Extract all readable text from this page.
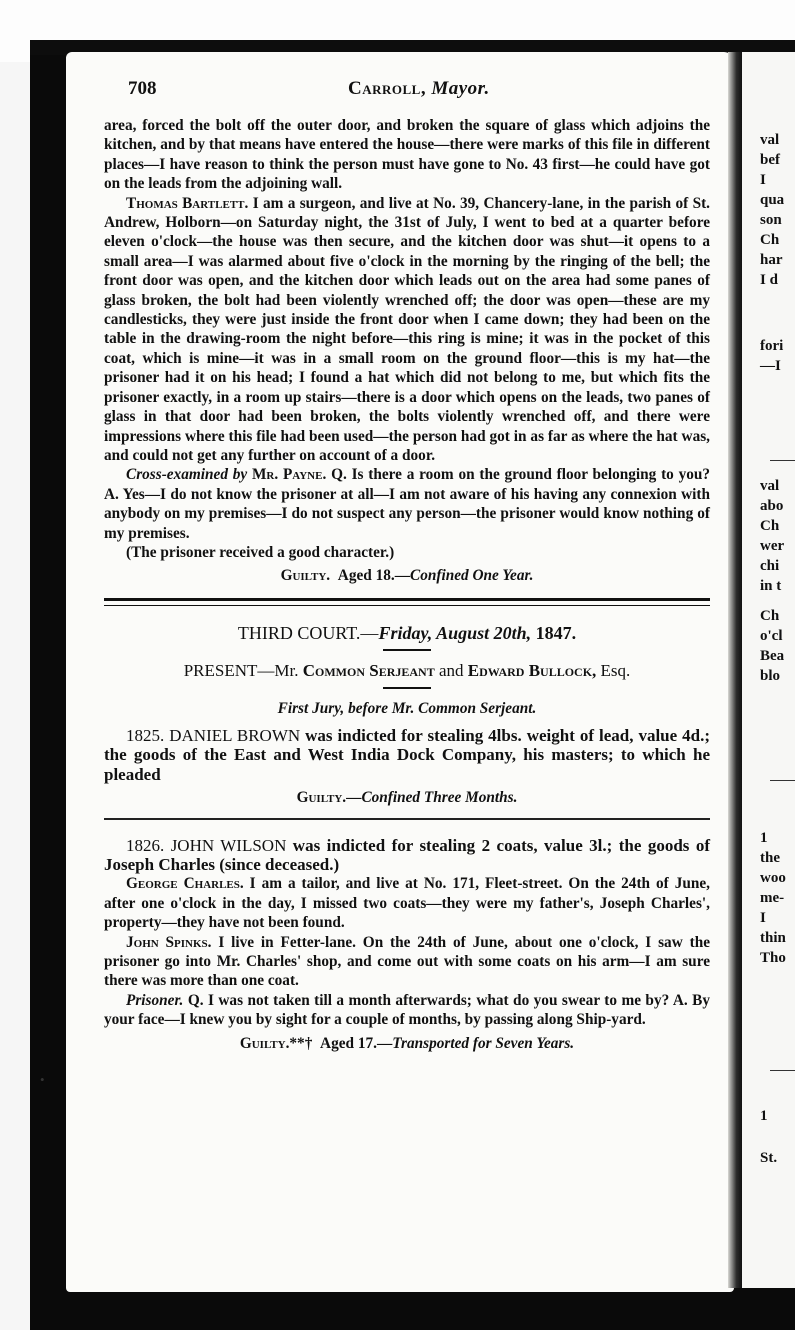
val
bef
I
qua
son
Ch
har
I d
fori
—I
val
abo
Ch
wer
chi
in t
Ch
o'cl
Bea
blo
1
the
woo
me-
I
thin
Tho
1
St.
708	Carroll, Mayor.

area, forced the bolt off the outer door, and broken the square of glass which adjoins the kitchen, and by that means have entered the house—there were marks of this file in different places—I have reason to think the person must have gone to No. 43 first—he could have got on the leads from the adjoining wall.

Thomas Bartlett. I am a surgeon, and live at No. 39, Chancery-lane, in the parish of St. Andrew, Holborn—on Saturday night, the 31st of July, I went to bed at a quarter before eleven o'clock—the house was then secure, and the kitchen door was shut—it opens to a small area—I was alarmed about five o'clock in the morning by the ringing of the bell; the front door was open, and the kitchen door which leads out on the area had some panes of glass broken, the bolt had been violently wrenched off; the door was open—these are my candlesticks, they were just inside the front door when I came down; they had been on the table in the drawing-room the night before—this ring is mine; it was in the pocket of this coat, which is mine—it was in a small room on the ground floor—this is my hat—the prisoner had it on his head; I found a hat which did not belong to me, but which fits the prisoner exactly, in a room up stairs—there is a door which opens on the leads, two panes of glass in that door had been broken, the bolts violently wrenched off, and there were impressions where this file had been used—the person had got in as far as where the hat was, and could not get any further on account of a door.

Cross-examined by Mr. Payne. Q. Is there a room on the ground floor belonging to you? A. Yes—I do not know the prisoner at all—I am not aware of his having any connexion with anybody on my premises—I do not suspect any person—the prisoner would know nothing of my premises.

(The prisoner received a good character.)

Guilty. Aged 18.—Confined One Year.

THIRD COURT.—Friday, August 20th, 1847.

PRESENT—Mr. Common Serjeant and Edward Bullock, Esq.

First Jury, before Mr. Common Serjeant.

1825. DANIEL BROWN was indicted for stealing 4lbs. weight of lead, value 4d.; the goods of the East and West India Dock Company, his masters; to which he pleaded

Guilty.—Confined Three Months.

1826. JOHN WILSON was indicted for stealing 2 coats, value 3l.; the goods of Joseph Charles (since deceased.)

George Charles. I am a tailor, and live at No. 171, Fleet-street. On the 24th of June, after one o'clock in the day, I missed two coats—they were my father's, Joseph Charles', property—they have not been found.

John Spinks. I live in Fetter-lane. On the 24th of June, about one o'clock, I saw the prisoner go into Mr. Charles' shop, and come out with some coats on his arm—I am sure there was more than one coat.

Prisoner. Q. I was not taken till a month afterwards; what do you swear to me by? A. By your face—I knew you by sight for a couple of months, by passing along Ship-yard.

Guilty.**† Aged 17.—Transported for Seven Years.

•
